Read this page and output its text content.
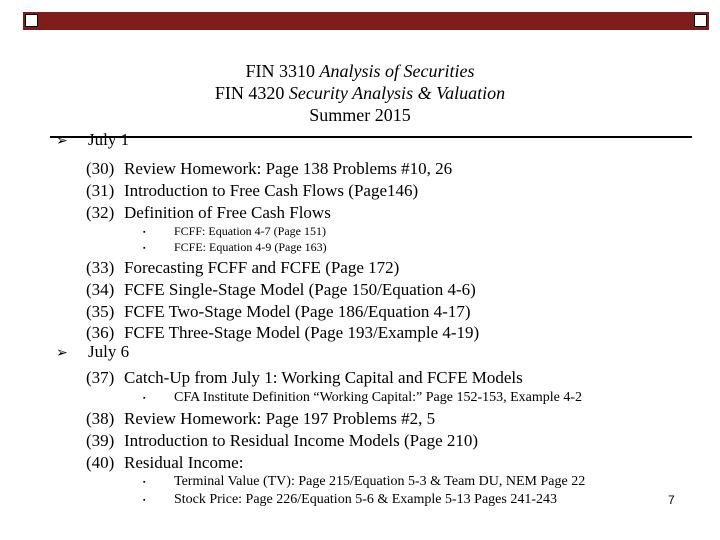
FIN 3310 Analysis of Securities
FIN 4320 Security Analysis & Valuation
Summer 2015
➢ July 1
(30) Review Homework: Page 138 Problems #10, 26
(31) Introduction to Free Cash Flows (Page146)
(32) Definition of Free Cash Flows
▪ FCFF: Equation 4-7 (Page 151)
▪ FCFE: Equation 4-9 (Page 163)
(33) Forecasting FCFF and FCFE (Page 172)
(34) FCFE Single-Stage Model (Page 150/Equation 4-6)
(35) FCFE Two-Stage Model (Page 186/Equation 4-17)
(36) FCFE Three-Stage Model (Page 193/Example 4-19)
➢ July 6
(37) Catch-Up from July 1: Working Capital and FCFE Models
▪ CFA Institute Definition “Working Capital:” Page 152-153, Example 4-2
(38) Review Homework: Page 197 Problems #2, 5
(39) Introduction to Residual Income Models (Page 210)
(40) Residual Income:
▪ Terminal Value (TV): Page 215/Equation 5-3 & Team DU, NEM Page 22
▪ Stock Price: Page 226/Equation 5-6 & Example 5-13 Pages 241-243	7
